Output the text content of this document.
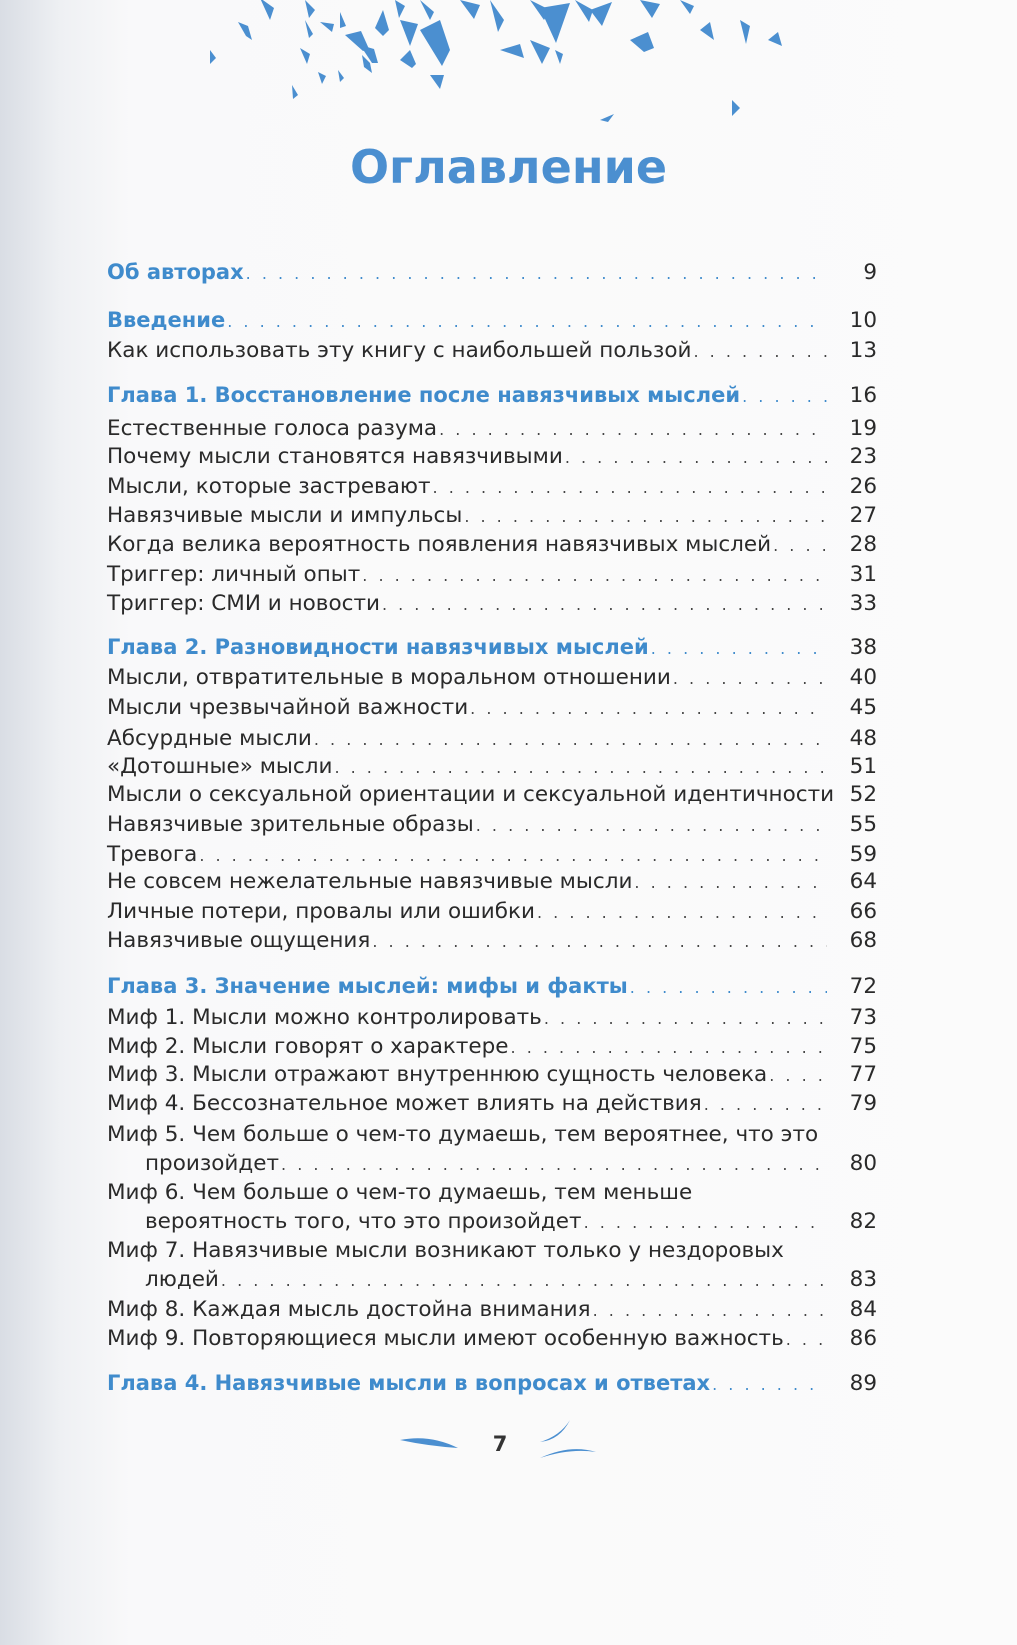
Оглавление
Об авторах . . .	9
Введение . . .	10
Как использовать эту книгу с наибольшей пользой . . .	13
Глава 1. Восстановление после навязчивых мыслей . . .	16
Естественные голоса разума . . .	19
Почему мысли становятся навязчивыми . . .	23
Мысли, которые застревают . . .	26
Навязчивые мысли и импульсы . . .	27
Когда велика вероятность появления навязчивых мыслей . . .	28
Триггер: личный опыт . . .	31
Триггер: СМИ и новости . . .	33
Глава 2. Разновидности навязчивых мыслей . . .	38
Мысли, отвратительные в моральном отношении . . .	40
Мысли чрезвычайной важности . . .	45
Абсурдные мысли . . .	48
«Дотошные» мысли . . .	51
Мысли о сексуальной ориентации и сексуальной идентичности 52
Навязчивые зрительные образы . . .	55
Тревога . . .	59
Не совсем нежелательные навязчивые мысли . . .	64
Личные потери, провалы или ошибки . . .	66
Навязчивые ощущения . . .	68
Глава 3. Значение мыслей: мифы и факты . . .	72
Миф 1. Мысли можно контролировать . . .	73
Миф 2. Мысли говорят о характере . . .	75
Миф 3. Мысли отражают внутреннюю сущность человека . . .	77
Миф 4. Бессознательное может влиять на действия . . .	79
Миф 5. Чем больше о чем-то думаешь, тем вероятнее, что это
произойдет . . .	80
Миф 6. Чем больше о чем-то думаешь, тем меньше
вероятность того, что это произойдет . . .	82
Миф 7. Навязчивые мысли возникают только у нездоровых
людей . . .	83
Миф 8. Каждая мысль достойна внимания . . .	84
Миф 9. Повторяющиеся мысли имеют особенную важность . . .	86
Глава 4. Навязчивые мысли в вопросах и ответах . . .	89
7
